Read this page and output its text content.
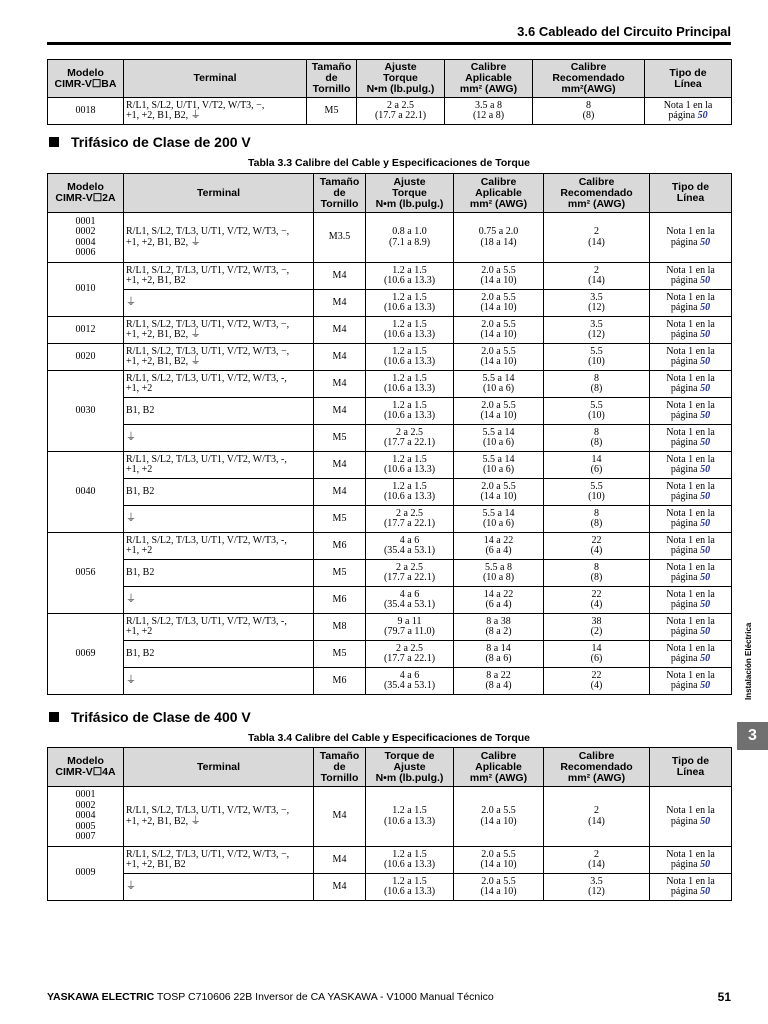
3.6 Cableado del Circuito Principal
Modelo
CIMR-V☐BA	Terminal	Tamaño
de
Tornillo	Ajuste
Torque
N•m (lb.pulg.)	Calibre
Aplicable
mm² (AWG)	Calibre
Recomendado
mm²(AWG)	Tipo de
Línea

0018	R/L1, S/L2, U/T1, V/T2, W/T3, −,
+1, +2, B1, B2, ⏚	M5	2 a 2.5
(17.7 a 22.1)	3.5 a 8
(12 a 8)	8
(8)	Nota 1 en la
página 50
Trifásico de Clase de 200 V
Tabla 3.3 Calibre del Cable y Especificaciones de Torque
Modelo
CIMR-V☐2A	Terminal	Tamaño
de
Tornillo	Ajuste
Torque
N•m (lb.pulg.)	Calibre
Aplicable
mm² (AWG)	Calibre
Recomendado
mm² (AWG)	Tipo de
Línea

0001
0002
0004
0006	R/L1, S/L2, T/L3, U/T1, V/T2, W/T3, −,
+1, +2, B1, B2, ⏚	M3.5	0.8 a 1.0
(7.1 a 8.9)	0.75 a 2.0
(18 a 14)	2
(14)	Nota 1 en la
página 50

0010	R/L1, S/L2, T/L3, U/T1, V/T2, W/T3, −,
+1, +2, B1, B2	M4	1.2 a 1.5
(10.6 a 13.3)	2.0 a 5.5
(14 a 10)	2
(14)	Nota 1 en la
página 50

	⏚	M4	1.2 a 1.5
(10.6 a 13.3)	2.0 a 5.5
(14 a 10)	3.5
(12)	Nota 1 en la
página 50

0012	R/L1, S/L2, T/L3, U/T1, V/T2, W/T3, −,
+1, +2, B1, B2, ⏚	M4	1.2 a 1.5
(10.6 a 13.3)	2.0 a 5.5
(14 a 10)	3.5
(12)	Nota 1 en la
página 50

0020	R/L1, S/L2, T/L3, U/T1, V/T2, W/T3, −,
+1, +2, B1, B2, ⏚	M4	1.2 a 1.5
(10.6 a 13.3)	2.0 a 5.5
(14 a 10)	5.5
(10)	Nota 1 en la
página 50

0030	R/L1, S/L2, T/L3, U/T1, V/T2, W/T3, -,
+1, +2	M4	1.2 a 1.5
(10.6 a 13.3)	5.5 a 14
(10 a 6)	8
(8)	Nota 1 en la
página 50

	B1, B2	M4	1.2 a 1.5
(10.6 a 13.3)	2.0 a 5.5
(14 a 10)	5.5
(10)	Nota 1 en la
página 50

	⏚	M5	2 a 2.5
(17.7 a 22.1)	5.5 a 14
(10 a 6)	8
(8)	Nota 1 en la
página 50

0040	R/L1, S/L2, T/L3, U/T1, V/T2, W/T3, -,
+1, +2	M4	1.2 a 1.5
(10.6 a 13.3)	5.5 a 14
(10 a 6)	14
(6)	Nota 1 en la
página 50

	B1, B2	M4	1.2 a 1.5
(10.6 a 13.3)	2.0 a 5.5
(14 a 10)	5.5
(10)	Nota 1 en la
página 50

	⏚	M5	2 a 2.5
(17.7 a 22.1)	5.5 a 14
(10 a 6)	8
(8)	Nota 1 en la
página 50

0056	R/L1, S/L2, T/L3, U/T1, V/T2, W/T3, -,
+1, +2	M6	4 a 6
(35.4 a 53.1)	14 a 22
(6 a 4)	22
(4)	Nota 1 en la
página 50

	B1, B2	M5	2 a 2.5
(17.7 a 22.1)	5.5 a 8
(10 a 8)	8
(8)	Nota 1 en la
página 50

	⏚	M6	4 a 6
(35.4 a 53.1)	14 a 22
(6 a 4)	22
(4)	Nota 1 en la
página 50

0069	R/L1, S/L2, T/L3, U/T1, V/T2, W/T3, -,
+1, +2	M8	9 a 11
(79.7 a 11.0)	8 a 38
(8 a 2)	38
(2)	Nota 1 en la
página 50

	B1, B2	M5	2 a 2.5
(17.7 a 22.1)	8 a 14
(8 a 6)	14
(6)	Nota 1 en la
página 50

	⏚	M6	4 a 6
(35.4 a 53.1)	8 a 22
(8 a 4)	22
(4)	Nota 1 en la
página 50
Trifásico de Clase de 400 V
Tabla 3.4 Calibre del Cable y Especificaciones de Torque
Modelo
CIMR-V☐4A	Terminal	Tamaño
de
Tornillo	Torque de
Ajuste
N•m (lb.pulg.)	Calibre
Aplicable
mm² (AWG)	Calibre
Recomendado
mm² (AWG)	Tipo de
Línea

0001
0002
0004
0005
0007	R/L1, S/L2, T/L3, U/T1, V/T2, W/T3, −,
+1, +2, B1, B2, ⏚	M4	1.2 a 1.5
(10.6 a 13.3)	2.0 a 5.5
(14 a 10)	2
(14)	Nota 1 en la
página 50

0009	R/L1, S/L2, T/L3, U/T1, V/T2, W/T3, −,
+1, +2, B1, B2	M4	1.2 a 1.5
(10.6 a 13.3)	2.0 a 5.5
(14 a 10)	2
(14)	Nota 1 en la
página 50

	⏚	M4	1.2 a 1.5
(10.6 a 13.3)	2.0 a 5.5
(14 a 10)	3.5
(12)	Nota 1 en la
página 50
Instalación Eléctrica
3
YASKAWA ELECTRIC TOSP C710606 22B Inversor de CA YASKAWA - V1000 Manual Técnico	51
